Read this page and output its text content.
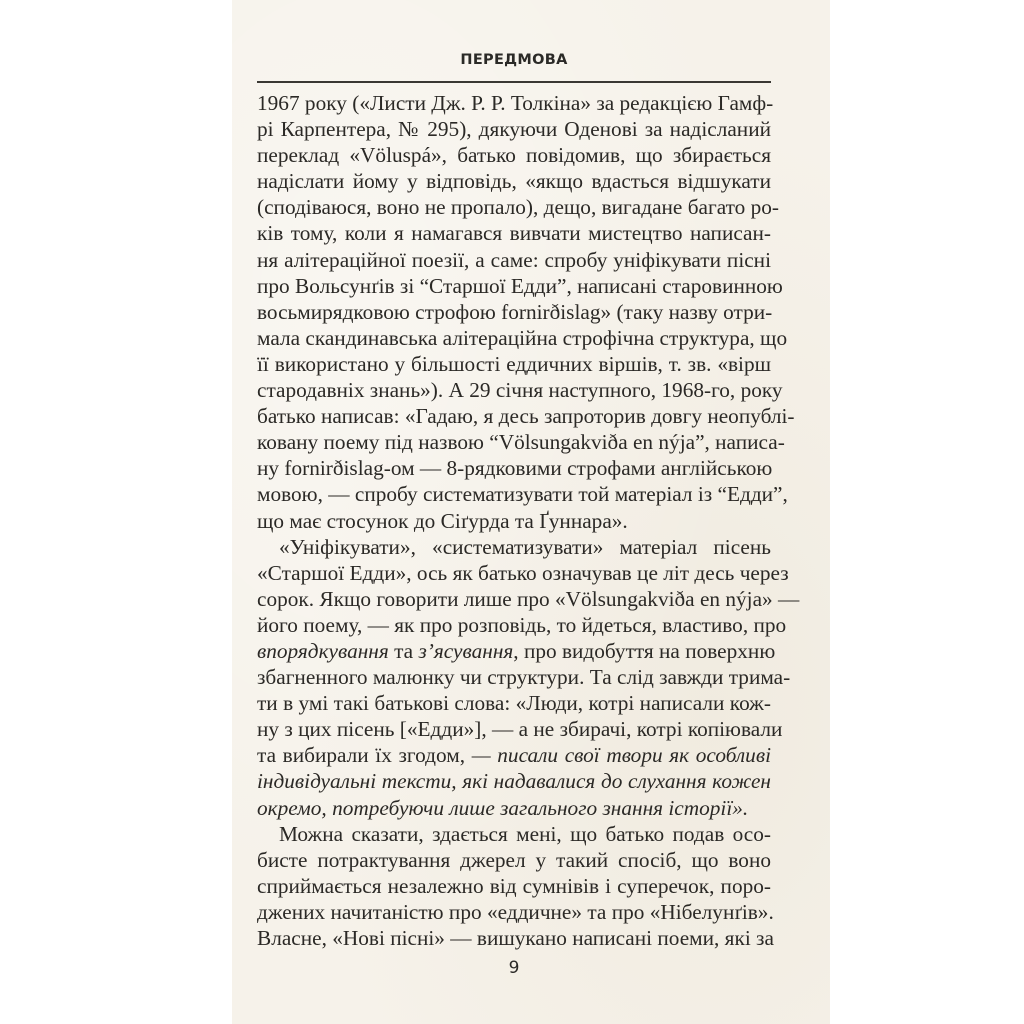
ПЕРЕДМОВА
1967 року («Листи Дж. Р. Р. Толкіна» за редакцією Гамф-
рі Карпентера, № 295), дякуючи Оденові за надісланий
переклад «Völuspá», батько повідомив, що збирається
надіслати йому у відповідь, «якщо вдасться відшукати
(сподіваюся, воно не пропало), дещо, вигадане багато ро-
ків тому, коли я намагався вивчати мистецтво написан-
ня алітераційної поезії, а саме: спробу уніфікувати пісні
про Вольсунґів зі “Старшої Едди”, написані старовинною
восьмирядковою строфою fornirðislag» (таку назву отри-
мала скандинавська алітераційна строфічна структура, що
її використано у більшості еддичних віршів, т. зв. «вірш
стародавніх знань»). А 29 січня наступного, 1968-го, року
батько написав: «Гадаю, я десь запроторив довгу неопублі-
ковану поему під назвою “Völsungakviða en nýja”, написа-
ну fornirðislag-ом — 8-рядковими строфами англійською
мовою, — спробу систематизувати той матеріал із “Едди”,
що має стосунок до Сіґурда та Ґуннара».
«Уніфікувати», «систематизувати» матеріал пісень
«Старшої Едди», ось як батько означував це літ десь через
сорок. Якщо говорити лише про «Völsungakviða en nýja» —
його поему, — як про розповідь, то йдеться, властиво, про
впорядкування та з’ясування, про видобуття на поверхню
збагненного малюнку чи структури. Та слід завжди трима-
ти в умі такі батькові слова: «Люди, котрі написали кож-
ну з цих пісень [«Едди»], — а не збирачі, котрі копіювали
та вибирали їх згодом, — писали свої твори як особливі
індивідуальні тексти, які надавалися до слухання кожен
окремо, потребуючи лише загального знання історії».
Можна сказати, здається мені, що батько подав осо-
бисте потрактування джерел у такий спосіб, що воно
сприймається незалежно від сумнівів і суперечок, поро-
джених начитаністю про «еддичне» та про «Нібелунґів».
Власне, «Нові пісні» — вишукано написані поеми, які за
9
